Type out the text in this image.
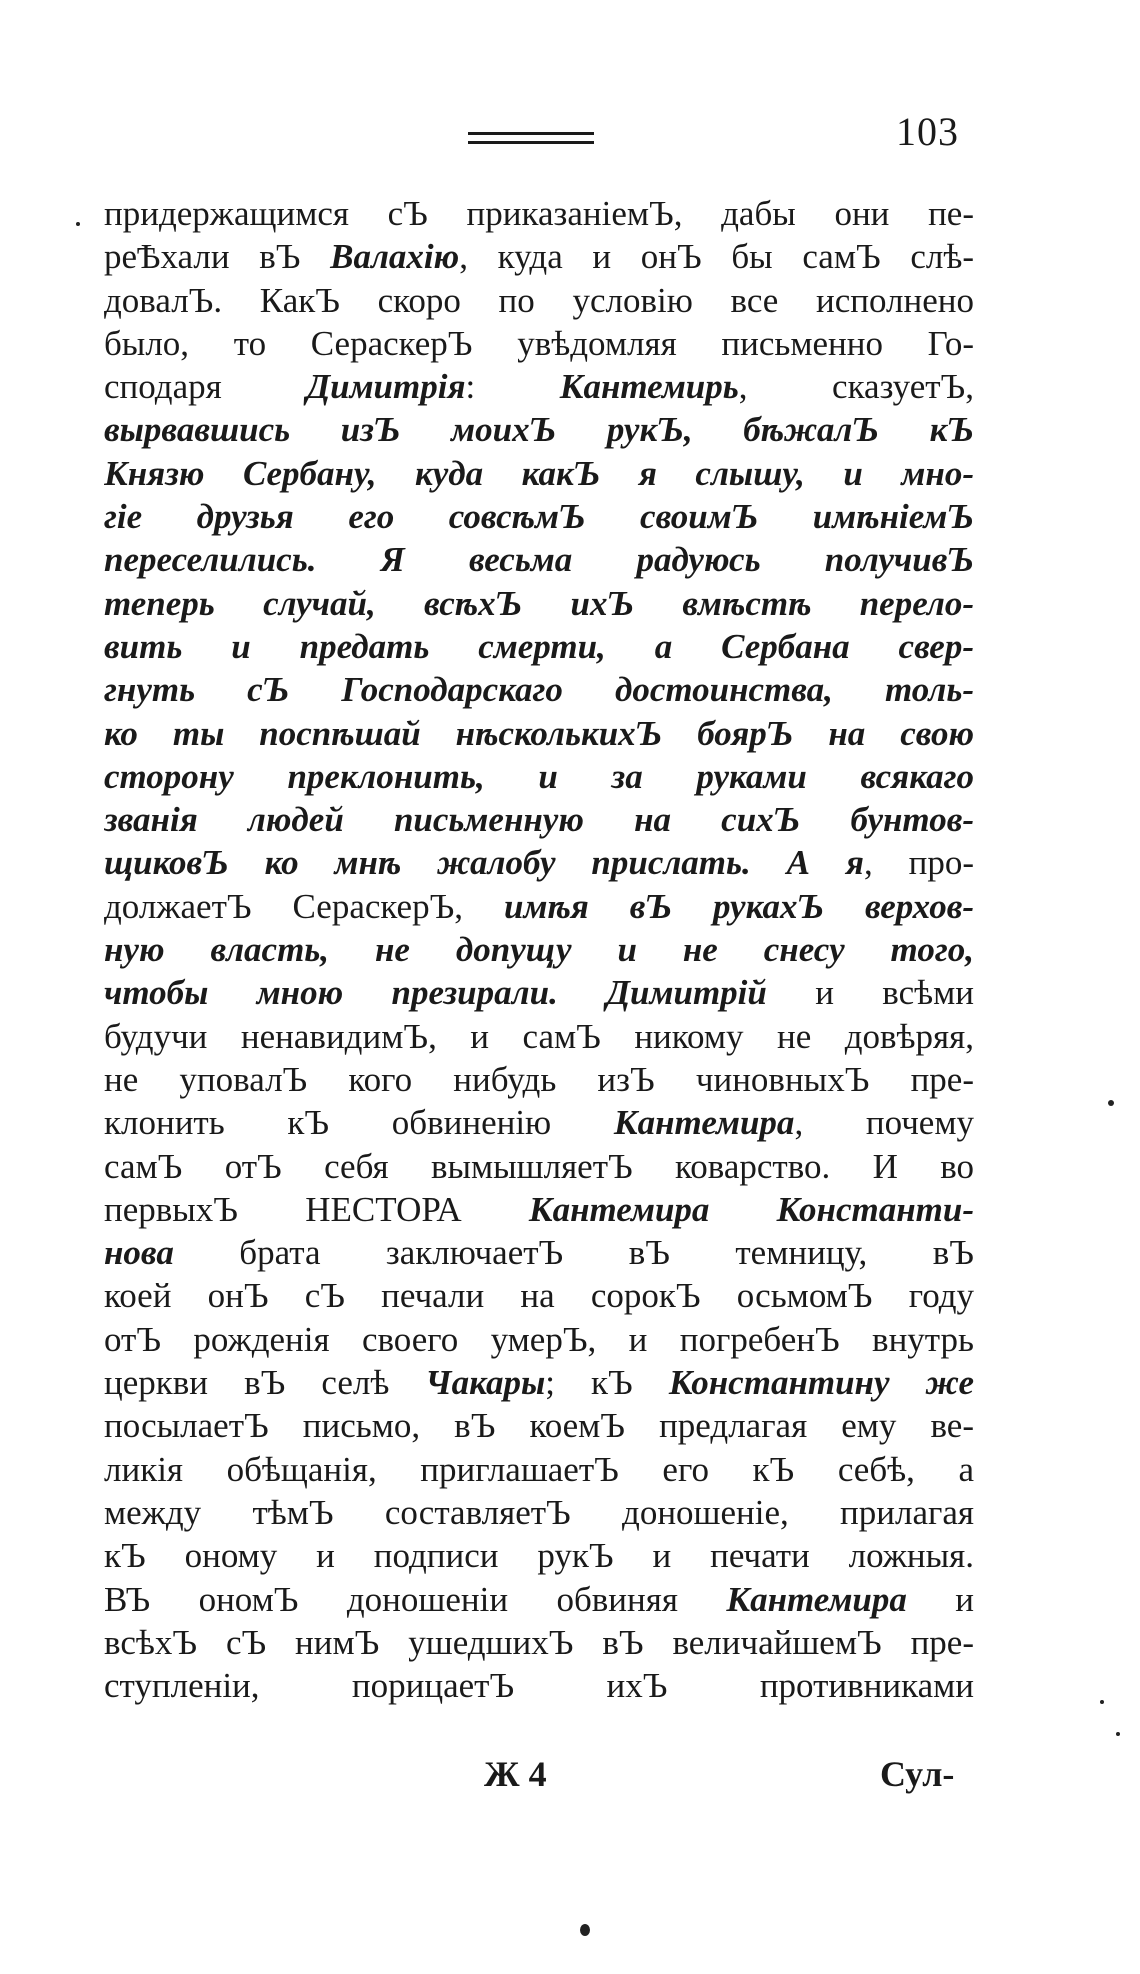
103
придержащимся сЪ приказаніемЪ, дабы они пе-
реѢхали вЪ Валахію, куда и онЪ бы самЪ слѣ-
довалЪ. КакЪ скоро по условію все исполнено
было, то СераскерЪ увѣдомляя письменно Го-
сподаря Димитрія: Кантемирь, сказуетЪ,
вырвавшись изЪ моихЪ рукЪ, бѣжалЪ кЪ
Князю Сербану, куда какЪ я слышу, и мно-
гіе друзья его совсѣмЪ своимЪ имѣніемЪ
переселились. Я весьма радуюсь получивЪ
теперь случай, всѣхЪ ихЪ вмѣстѣ перело-
вить и предать смерти, а Сербана свер-
гнуть сЪ Господарскаго достоинства, толь-
ко ты поспѣшай нѣсколькихЪ боярЪ на свою
сторону преклонить, и за руками всякаго
званія людей письменную на сихЪ бунтов-
щиковЪ ко мнѣ жалобу прислать. А я, про-
должаетЪ СераскерЪ, имѣя вЪ рукахЪ верхов-
ную власть, не допущу и не снесу того,
чтобы мною презирали. Димитрій и всѣми
будучи ненавидимЪ, и самЪ никому не довѣряя,
не уповалЪ кого нибудь изЪ чиновныхЪ пре-
клонить кЪ обвиненію Кантемира, почему
самЪ отЪ себя вымышляетЪ коварство. И во
первыхЪ НЕСТОРА Кантемира Константи-
нова брата заключаетЪ вЪ темницу, вЪ
коей онЪ сЪ печали на сорокЪ осьмомЪ году
отЪ рожденія своего умерЪ, и погребенЪ внутрь
церкви вЪ селѣ Чакары; кЪ Константину же
посылаетЪ письмо, вЪ коемЪ предлагая ему ве-
ликія обѣщанія, приглашаетЪ его кЪ себѣ, а
между тѣмЪ составляетЪ доношеніе, прилагая
кЪ оному и подписи рукЪ и печати ложныя.
ВЪ ономЪ доношеніи обвиняя Кантемира и
всѣхЪ сЪ нимЪ ушедшихЪ вЪ величайшемЪ пре-
ступленіи, порицаетЪ ихЪ противниками
Ж 4	Сул-
